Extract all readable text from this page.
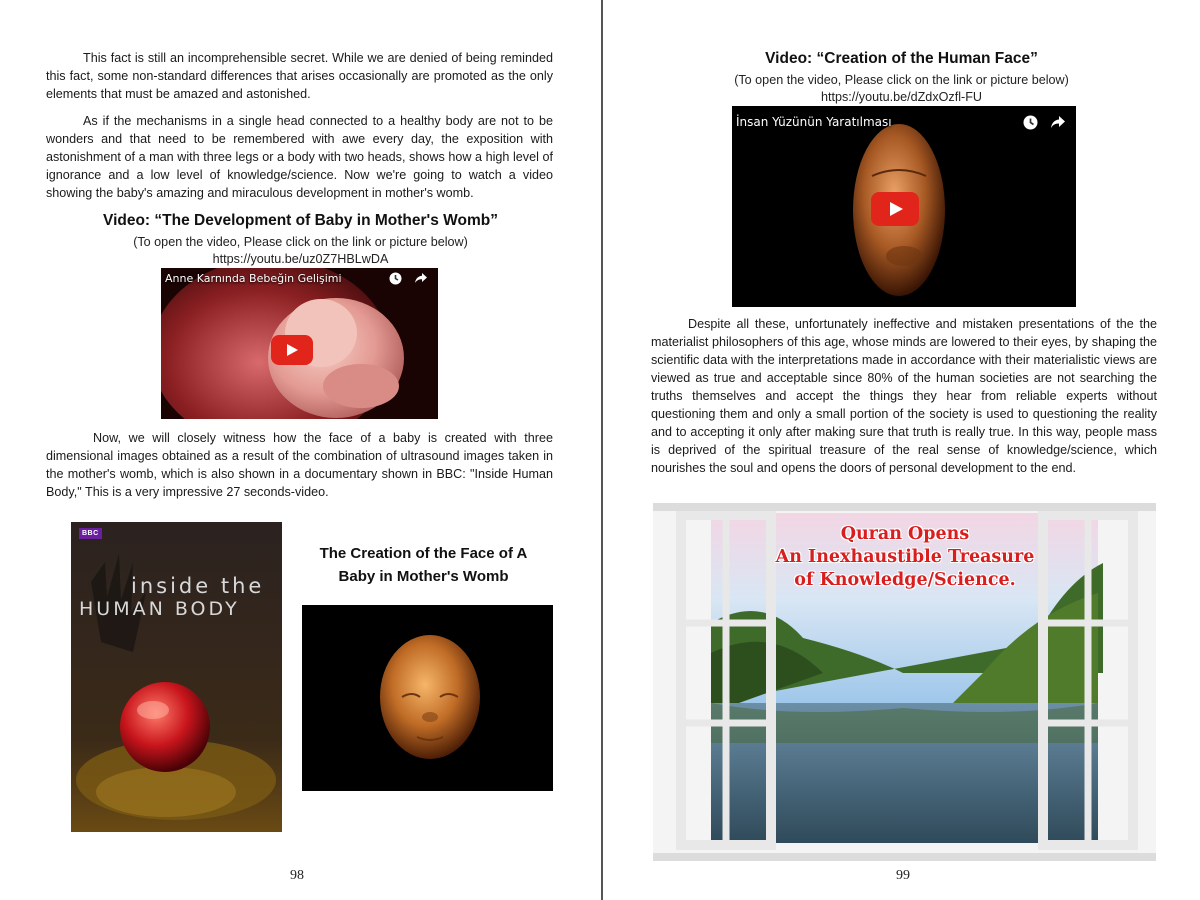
This fact is still an incomprehensible secret. While we are denied of being reminded this fact, some non-standard differences that arises occasionally are promoted as the only elements that must be amazed and astonished.

As if the mechanisms in a single head connected to a healthy body are not to be wonders and that need to be remembered with awe every day, the exposition with astonishment of a man with three legs or a body with two heads, shows how a high level of ignorance and a low level of knowledge/science. Now we're going to watch a video showing the baby's amazing and miraculous development in mother's womb.

Video: “The Development of Baby in Mother's Womb”

(To open the video, Please click on the link or picture below)

https://youtu.be/uz0Z7HBLwDA

Anne Karnında Bebeğin Gelişimi

Now, we will closely witness how the face of a baby is created with three dimensional images obtained as a result of the combination of ultrasound images taken in the mother's womb, which is also shown in a documentary shown in BBC: "Inside Human Body," This is a very impressive 27 seconds-video.

BBC
inside the
HUMAN BODY

The Creation of the Face of A Baby in Mother's Womb

98

Video: “Creation of the Human Face”

(To open the video, Please click on the link or picture below)

https://youtu.be/dZdxOzfl-FU

İnsan Yüzünün Yaratılması

Despite all these, unfortunately ineffective and mistaken presentations of the the materialist philosophers of this age, whose minds are lowered to their eyes, by shaping the scientific data with the interpretations made in accordance with their materialistic views are viewed as true and acceptable since 80% of the human societies are not searching the truths themselves and accept the things they hear from reliable experts without questioning them and only a small portion of the society is used to questioning the reality and to accepting it only after making sure that truth is really true. In this way, people mass is deprived of the spiritual treasure of the real sense of knowledge/science, which nourishes the soul and opens the doors of personal development to the end.

Quran Opens
An Inexhaustible Treasure
of Knowledge/Science.
99
